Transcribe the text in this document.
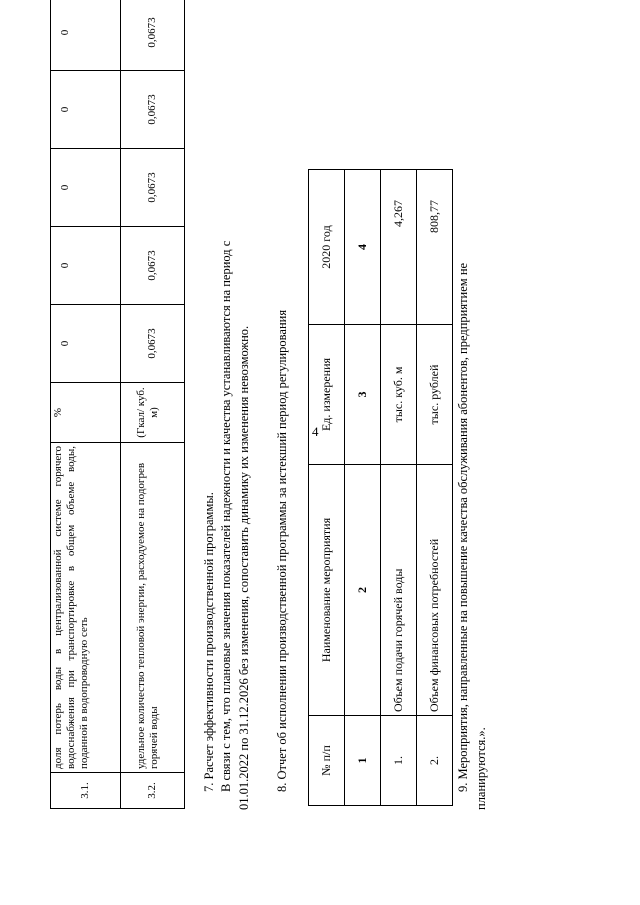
4
3.1.	доля потерь воды в централизованной системе горячего водоснабжения при транспортировке в общем объеме воды, поданной в водопроводную сеть	%	0	0	0	0	0
3.2.	удельное количество тепловой энергии, расходуемое на подогрев горячей воды	(Гкал/ куб. м)	0,0673	0,0673	0,0673	0,0673	0,0673
7. Расчет эффективности производственной программы. В связи с тем, что плановые значения показателей надежности и качества устанавливаются на период с 01.01.2022 по 31.12.2026 без изменения, сопоставить динамику их изменения невозможно. 8. Отчет об исполнении производственной программы за истекший период регулирования	№ п/п	Наименование мероприятия	Ед. измерения	2020 год
1	2	3	4
1.	Объем подачи горячей воды	тыс. куб. м	4,267
2.	Объем финансовых потребностей	тыс. рублей	808,77
9. Мероприятия, направленные на повышение качества обслуживания абонентов, предприятием не планируются.».
